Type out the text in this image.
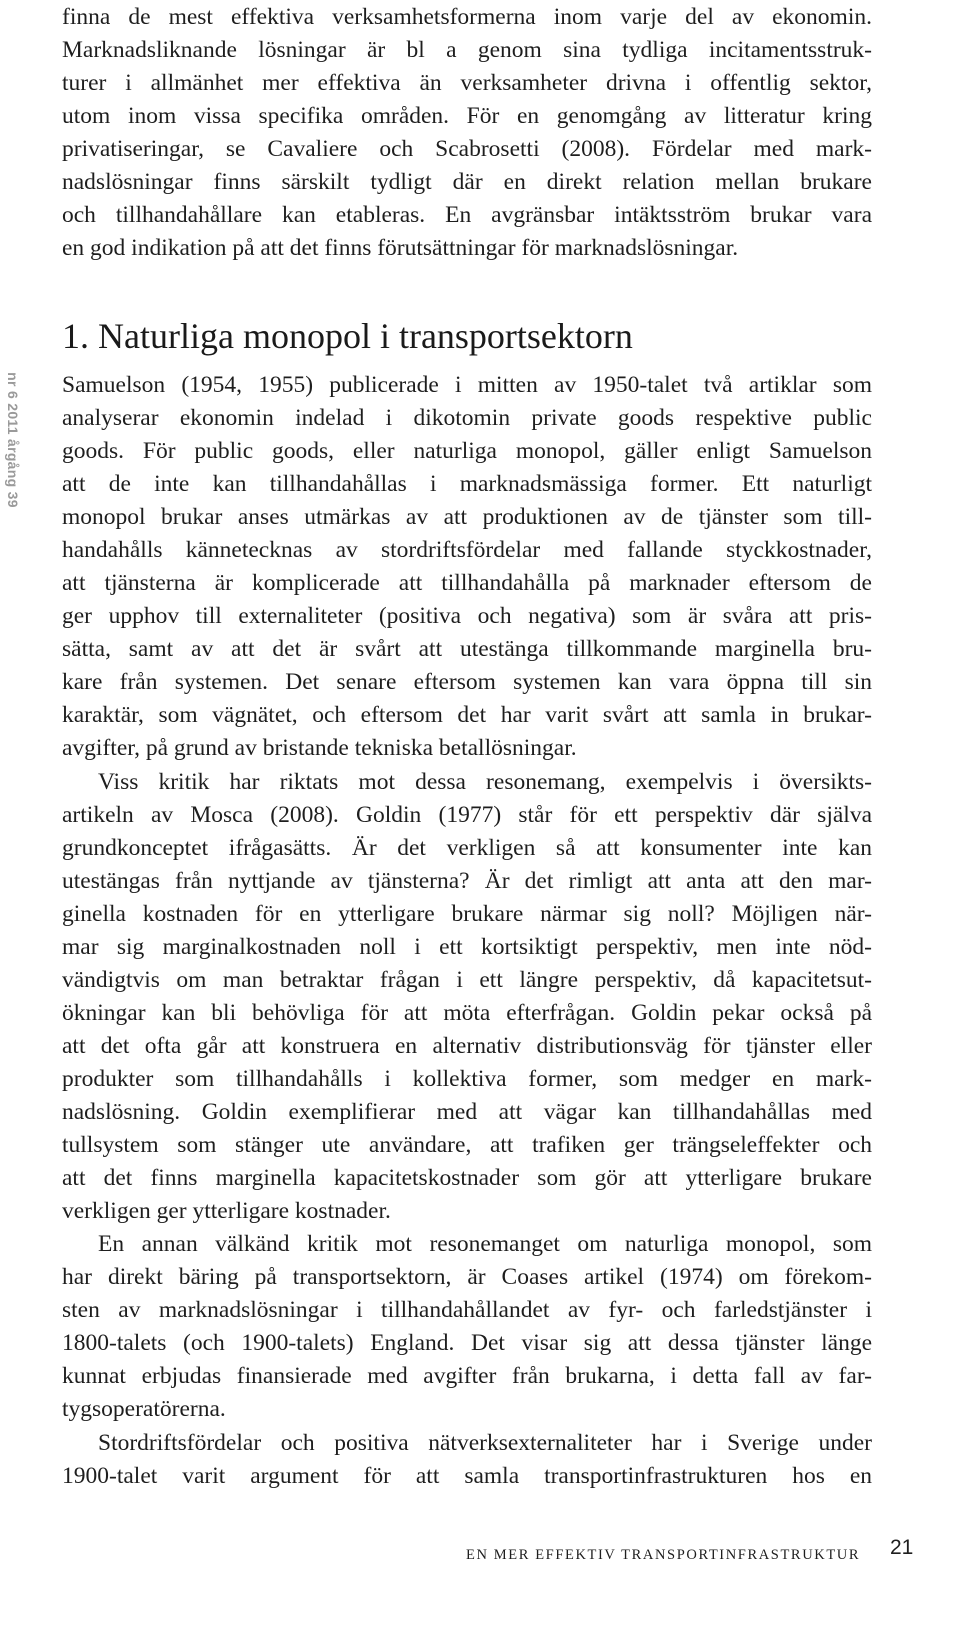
nr 6 2011 årgång 39
finna de mest effektiva verksamhetsformerna inom varje del av ekonomin.
Marknadsliknande lösningar är bl a genom sina tydliga incitamentsstruk-
turer i allmänhet mer effektiva än verksamheter drivna i offentlig sektor,
utom inom vissa specifika områden. För en genomgång av litteratur kring
privatiseringar, se Cavaliere och Scabrosetti (2008). Fördelar med mark-
nadslösningar finns särskilt tydligt där en direkt relation mellan brukare
och tillhandahållare kan etableras. En avgränsbar intäktsström brukar vara
en god indikation på att det finns förutsättningar för marknadslösningar.
1. Naturliga monopol i transportsektorn
Samuelson (1954, 1955) publicerade i mitten av 1950-talet två artiklar som
analyserar ekonomin indelad i dikotomin private goods respektive public
goods. För public goods, eller naturliga monopol, gäller enligt Samuelson
att de inte kan tillhandahållas i marknadsmässiga former. Ett naturligt
monopol brukar anses utmärkas av att produktionen av de tjänster som till-
handahålls kännetecknas av stordriftsfördelar med fallande styckkostnader,
att tjänsterna är komplicerade att tillhandahålla på marknader eftersom de
ger upphov till externaliteter (positiva och negativa) som är svåra att pris-
sätta, samt av att det är svårt att utestänga tillkommande marginella bru-
kare från systemen. Det senare eftersom systemen kan vara öppna till sin
karaktär, som vägnätet, och eftersom det har varit svårt att samla in brukar-
avgifter, på grund av bristande tekniska betallösningar.
Viss kritik har riktats mot dessa resonemang, exempelvis i översikts-
artikeln av Mosca (2008). Goldin (1977) står för ett perspektiv där själva
grundkonceptet ifrågasätts. Är det verkligen så att konsumenter inte kan
utestängas från nyttjande av tjänsterna? Är det rimligt att anta att den mar-
ginella kostnaden för en ytterligare brukare närmar sig noll? Möjligen när-
mar sig marginalkostnaden noll i ett kortsiktigt perspektiv, men inte nöd-
vändigtvis om man betraktar frågan i ett längre perspektiv, då kapacitetsut-
ökningar kan bli behövliga för att möta efterfrågan. Goldin pekar också på
att det ofta går att konstruera en alternativ distributionsväg för tjänster eller
produkter som tillhandahålls i kollektiva former, som medger en mark-
nadslösning. Goldin exemplifierar med att vägar kan tillhandahållas med
tullsystem som stänger ute användare, att trafiken ger trängseleffekter och
att det finns marginella kapacitetskostnader som gör att ytterligare brukare
verkligen ger ytterligare kostnader.
En annan välkänd kritik mot resonemanget om naturliga monopol, som
har direkt bäring på transportsektorn, är Coases artikel (1974) om förekom-
sten av marknadslösningar i tillhandahållandet av fyr- och farledstjänster i
1800-talets (och 1900-talets) England. Det visar sig att dessa tjänster länge
kunnat erbjudas finansierade med avgifter från brukarna, i detta fall av far-
tygsoperatörerna.
Stordriftsfördelar och positiva nätverksexternaliteter har i Sverige under
1900-talet varit argument för att samla transportinfrastrukturen hos en
EN MER EFFEKTIV TRANSPORTINFRASTRUKTUR 21
